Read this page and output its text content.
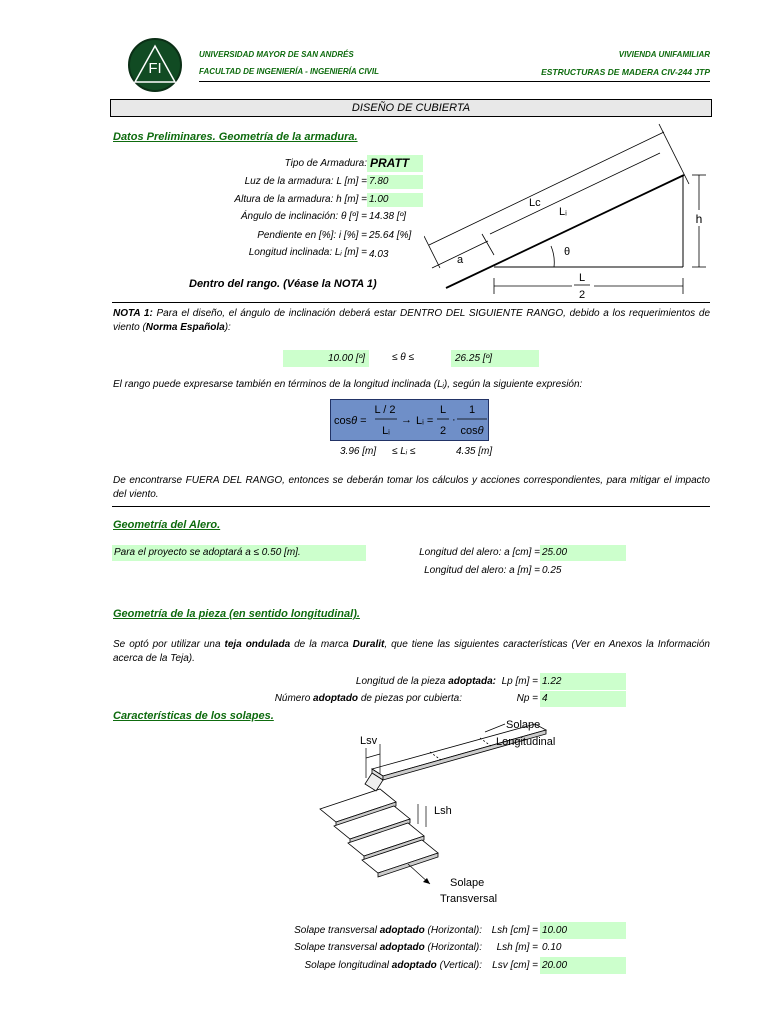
FI
UNIVERSIDAD MAYOR DE SAN ANDRÉS
FACULTAD DE INGENIERÍA - INGENIERÍA CIVIL
VIVIENDA UNIFAMILIAR
ESTRUCTURAS DE MADERA CIV-244 JTP
DISEÑO DE CUBIERTA
Datos Preliminares. Geometría de la armadura.
Tipo de Armadura: PRATT
Luz de la armadura: L [m] = 7.80
Altura de la armadura: h [m] = 1.00
Ángulo de inclinación: θ [º] = 14.38 [º]
Pendiente en [%]: i [%] = 25.64 [%]
Longitud inclinada: Lᵢ [m] = 4.03
Dentro del rango. (Véase la NOTA 1)
h
a
Lc
Lᵢ
θ
L
2
NOTA 1: Para el diseño, el ángulo de inclinación deberá estar DENTRO DEL SIGUIENTE RANGO, debido a los requerimientos de viento (Norma Española):
10.00 [º]	≤ θ ≤	26.25 [º]
El rango puede expresarse también en términos de la longitud inclinada (Lᵢ), según la siguiente expresión:
cosθ =
L / 2
Lᵢ
→ Lᵢ =
L
2
·
1
cosθ
3.96 [m] ≤ Lᵢ ≤	4.35 [m]
De encontrarse FUERA DEL RANGO, entonces se deberán tomar los cálculos y acciones correspondientes, para mitigar el impacto del viento.
Geometría del Alero.
Para el proyecto se adoptará a ≤ 0.50 [m].	Longitud del alero: a [cm] = 25.00
Longitud del alero: a [m] = 0.25
Geometría de la pieza (en sentido longitudinal).
Se optó por utilizar una teja ondulada de la marca Duralit, que tiene las siguientes características (Ver en Anexos la Información acerca de la Teja).
Longitud de la pieza adoptada: Lp [m] = 1.22
Número adoptado de piezas por cubierta:	Np = 4
Características de los solapes.
Lsv
Lsh
Solape
Longitudinal
Solape
Transversal
Solape transversal adoptado (Horizontal): Lsh [cm] = 10.00
Solape transversal adoptado (Horizontal):	Lsh [m] = 0.10
Solape longitudinal adoptado (Vertical):	Lsv [cm] = 20.00
